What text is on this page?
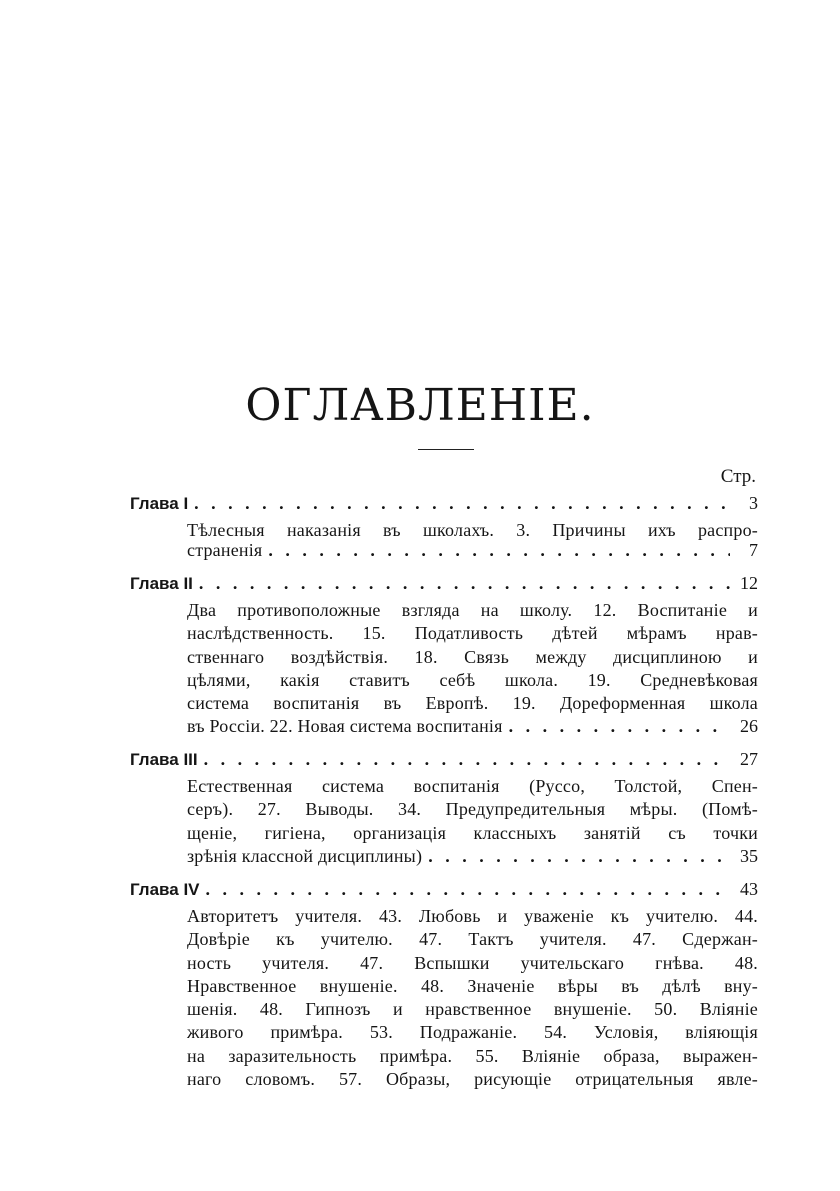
ОГЛАВЛЕНІЕ.
Стр.
Глава I . . .	3
Тѣлесныя наказанія въ школахъ. 3. Причины ихъ распро-
страненія . . .	7
Глава II . . .	12
Два противоположные взгляда на школу. 12. Воспитаніе и
наслѣдственность. 15. Податливость дѣтей мѣрамъ нрав-
ственнаго воздѣйствія. 18. Связь между дисциплиною и
цѣлями, какія ставитъ себѣ школа. 19. Средневѣковая
система воспитанія въ Европѣ. 19. Дореформенная школа
въ Россіи. 22. Новая система воспитанія . . .	26
Глава III . . .	27
Естественная система воспитанія (Руссо, Толстой, Спен-
серъ). 27. Выводы. 34. Предупредительныя мѣры. (Помѣ-
щеніе, гигіена, организація классныхъ занятій съ точки
зрѣнія классной дисциплины) . . .	35
Глава IV . . .	43
Авторитетъ учителя. 43. Любовь и уваженіе къ учителю. 44.
Довѣріе къ учителю. 47. Тактъ учителя. 47. Сдержан-
ность учителя. 47. Вспышки учительскаго гнѣва. 48.
Нравственное внушеніе. 48. Значеніе вѣры въ дѣлѣ вну-
шенія. 48. Гипнозъ и нравственное внушеніе. 50. Вліяніе
живого примѣра. 53. Подражаніе. 54. Условія, вліяющія
на заразительность примѣра. 55. Вліяніе образа, выражен-
наго словомъ. 57. Образы, рисующіе отрицательныя явле-
